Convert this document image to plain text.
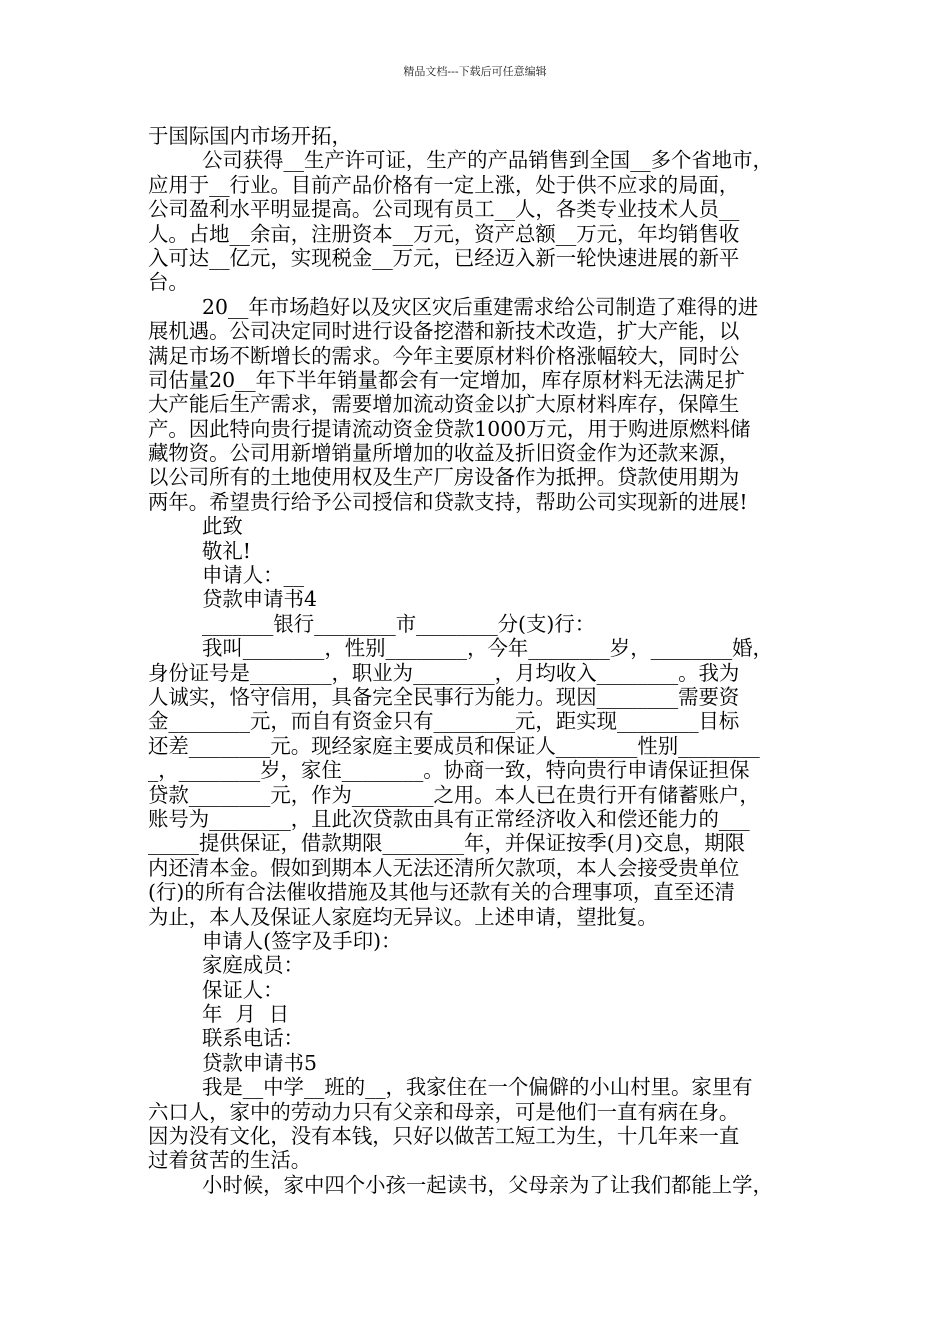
精品文档---下载后可任意编辑
于国际国内市场开拓，
公司获得__生产许可证，生产的产品销售到全国__多个省地市，
应用于__行业。目前产品价格有一定上涨，处于供不应求的局面，
公司盈利水平明显提高。公司现有员工__人，各类专业技术人员__
人。占地__余亩，注册资本__万元，资产总额__万元，年均销售收
入可达__亿元，实现税金__万元，已经迈入新一轮快速进展的新平
台。
20__年市场趋好以及灾区灾后重建需求给公司制造了难得的进
展机遇。公司决定同时进行设备挖潜和新技术改造，扩大产能，以
满足市场不断增长的需求。今年主要原材料价格涨幅较大，同时公
司估量20__年下半年销量都会有一定增加，库存原材料无法满足扩
大产能后生产需求，需要增加流动资金以扩大原材料库存，保障生
产。因此特向贵行提请流动资金贷款1000万元，用于购进原燃料储
藏物资。公司用新增销量所增加的收益及折旧资金作为还款来源，
以公司所有的土地使用权及生产厂房设备作为抵押。贷款使用期为
两年。希望贵行给予公司授信和贷款支持，帮助公司实现新的进展!
此致
敬礼!
申请人：__
贷款申请书4
_______银行________市________分(支)行：
我叫________，性别________，今年________岁，________婚，
身份证号是________，职业为________，月均收入________。我为
人诚实，恪守信用，具备完全民事行为能力。现因________需要资
金________元，而自有资金只有________元，距实现________目标
还差________元。现经家庭主要成员和保证人________性别________
_，________岁，家住________。协商一致，特向贵行申请保证担保
贷款________元，作为________之用。本人已在贵行开有储蓄账户，
账号为________，且此次贷款由具有正常经济收入和偿还能力的___
_____提供保证，借款期限________年，并保证按季(月)交息，期限
内还清本金。假如到期本人无法还清所欠款项，本人会接受贵单位
(行)的所有合法催收措施及其他与还款有关的合理事项，直至还清
为止，本人及保证人家庭均无异议。上述申请，望批复。
申请人(签字及手印)：
家庭成员：
保证人：
年  月  日
联系电话：
贷款申请书5
我是__中学__班的__，我家住在一个偏僻的小山村里。家里有
六口人，家中的劳动力只有父亲和母亲，可是他们一直有病在身。
因为没有文化，没有本钱，只好以做苦工短工为生，十几年来一直
过着贫苦的生活。
小时候，家中四个小孩一起读书，父母亲为了让我们都能上学，
